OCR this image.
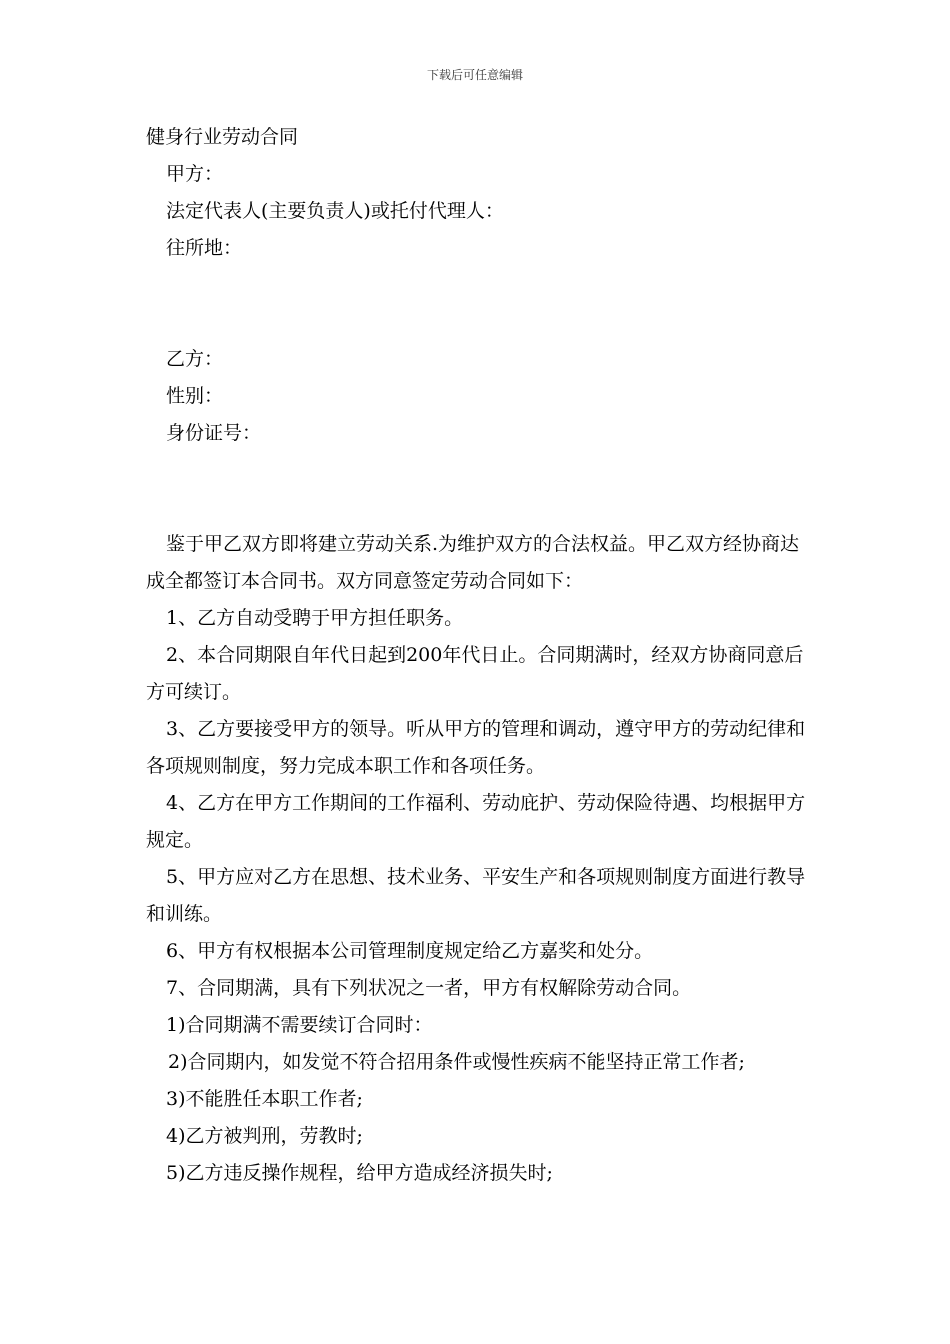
下载后可任意编辑

健身行业劳动合同

甲方：

法定代表人(主要负责人)或托付代理人：

往所地：

乙方：

性别：

身份证号：

鉴于甲乙双方即将建立劳动关系.为维护双方的合法权益。甲乙双方经协商达成全都签订本合同书。双方同意签定劳动合同如下：

1、乙方自动受聘于甲方担任职务。

2、本合同期限自年代日起到200年代日止。合同期满时，经双方协商同意后方可续订。

3、乙方要接受甲方的领导。听从甲方的管理和调动，遵守甲方的劳动纪律和各项规则制度，努力完成本职工作和各项任务。

4、乙方在甲方工作期间的工作福利、劳动庇护、劳动保险待遇、均根据甲方规定。

5、甲方应对乙方在思想、技术业务、平安生产和各项规则制度方面进行教导和训练。

6、甲方有权根据本公司管理制度规定给乙方嘉奖和处分。

7、合同期满，具有下列状况之一者，甲方有权解除劳动合同。

1)合同期满不需要续订合同时：

2)合同期内，如发觉不符合招用条件或慢性疾病不能坚持正常工作者;

3)不能胜任本职工作者;

4)乙方被判刑，劳教时;

5)乙方违反操作规程，给甲方造成经济损失时;
